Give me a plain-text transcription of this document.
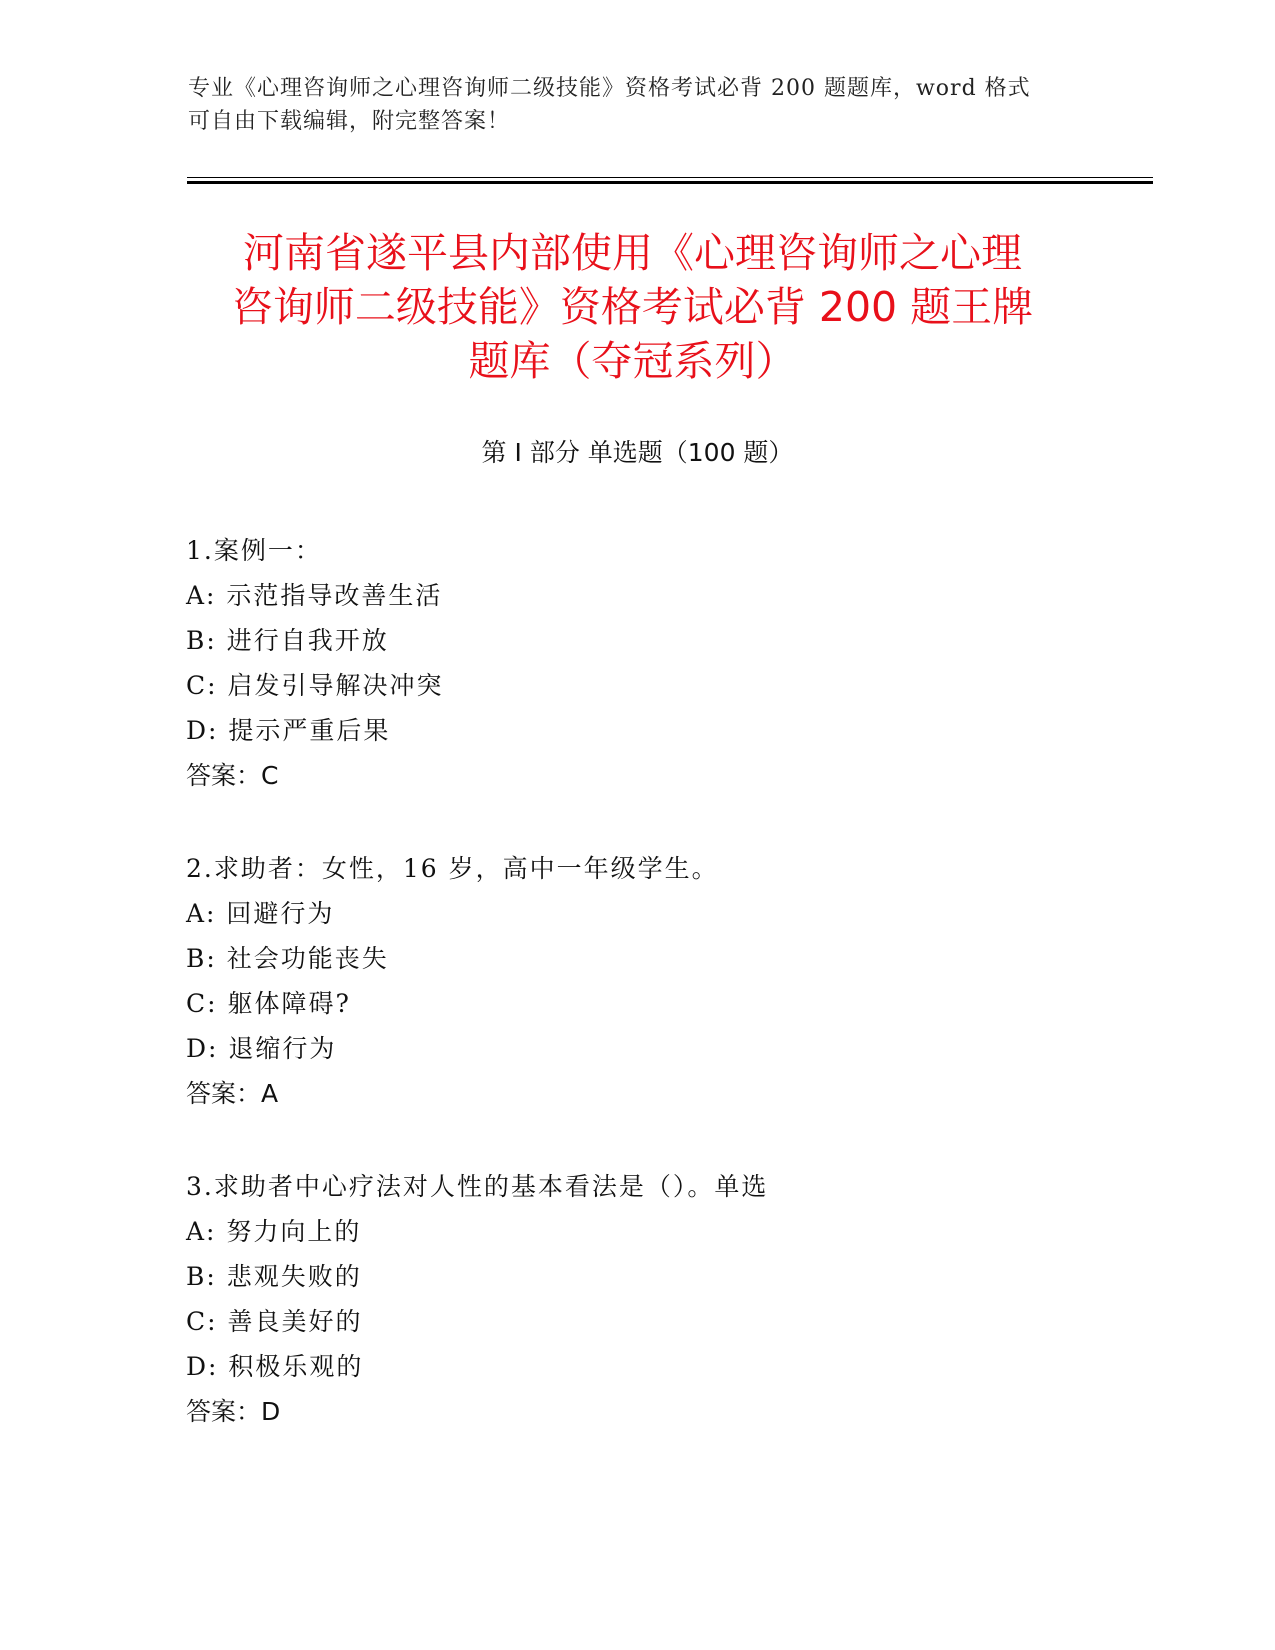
专业《心理咨询师之心理咨询师二级技能》资格考试必背 200 题题库，word 格式
可自由下载编辑，附完整答案！
河南省遂平县内部使用《心理咨询师之心理
咨询师二级技能》资格考试必背 200 题王牌
题库（夺冠系列）
第 I 部分 单选题（100 题）
1.案例一：
A: 示范指导改善生活
B: 进行自我开放
C: 启发引导解决冲突
D: 提示严重后果
答案：C
2.求助者：女性，16 岁，高中一年级学生。
A: 回避行为
B: 社会功能丧失
C: 躯体障碍?
D: 退缩行为
答案：A
3.求助者中心疗法对人性的基本看法是（）。单选
A: 努力向上的
B: 悲观失败的
C: 善良美好的
D: 积极乐观的
答案：D
